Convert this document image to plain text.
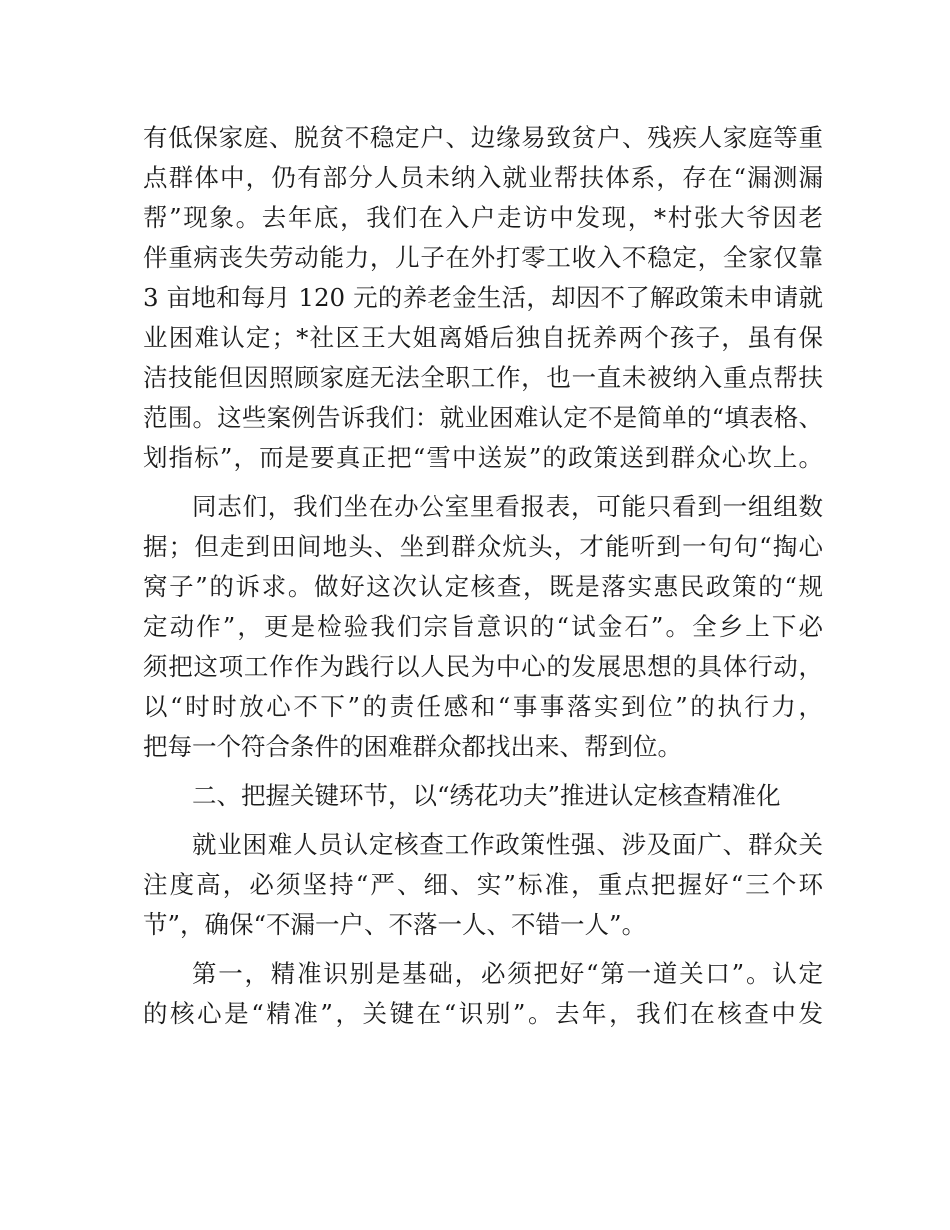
有低保家庭、脱贫不稳定户、边缘易致贫户、残疾人家庭等重
点群体中，仍有部分人员未纳入就业帮扶体系，存在“漏测漏
帮”现象。去年底，我们在入户走访中发现，*村张大爷因老
伴重病丧失劳动能力，儿子在外打零工收入不稳定，全家仅靠
3 亩地和每月 120 元的养老金生活，却因不了解政策未申请就
业困难认定；*社区王大姐离婚后独自抚养两个孩子，虽有保
洁技能但因照顾家庭无法全职工作，也一直未被纳入重点帮扶
范围。这些案例告诉我们：就业困难认定不是简单的“填表格、
划指标”，而是要真正把“雪中送炭”的政策送到群众心坎上。
同志们，我们坐在办公室里看报表，可能只看到一组组数
据；但走到田间地头、坐到群众炕头，才能听到一句句“掏心
窝子”的诉求。做好这次认定核查，既是落实惠民政策的“规
定动作”，更是检验我们宗旨意识的“试金石”。全乡上下必
须把这项工作作为践行以人民为中心的发展思想的具体行动，
以“时时放心不下”的责任感和“事事落实到位”的执行力，
把每一个符合条件的困难群众都找出来、帮到位。
二、把握关键环节，以“绣花功夫”推进认定核查精准化
就业困难人员认定核查工作政策性强、涉及面广、群众关
注度高，必须坚持“严、细、实”标准，重点把握好“三个环
节”，确保“不漏一户、不落一人、不错一人”。
第一，精准识别是基础，必须把好“第一道关口”。认定
的核心是“精准”，关键在“识别”。去年，我们在核查中发
